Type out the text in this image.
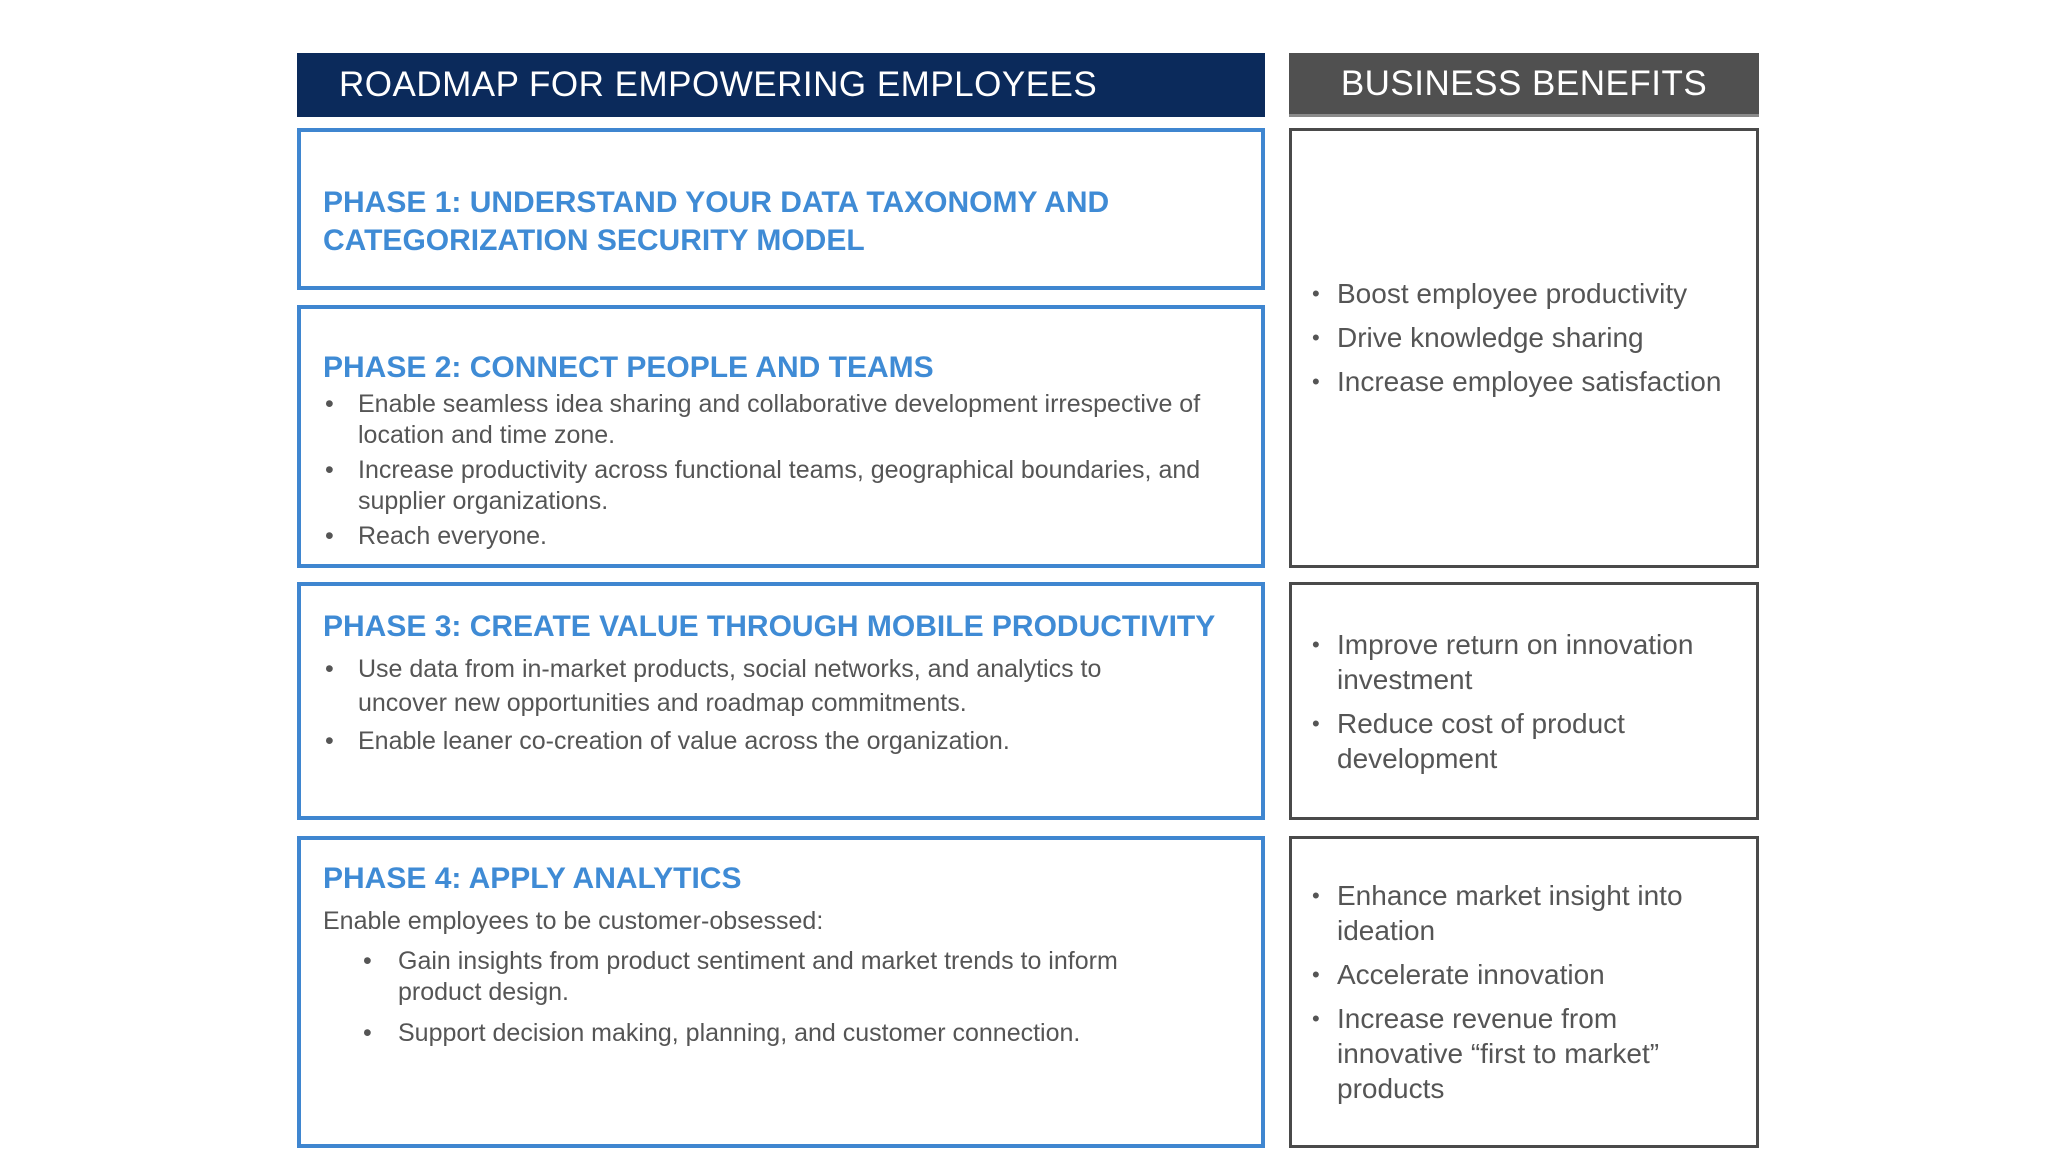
ROADMAP FOR EMPOWERING EMPLOYEES	BUSINESS BENEFITS

PHASE 1: UNDERSTAND YOUR DATA TAXONOMY AND
CATEGORIZATION SECURITY MODEL

PHASE 2: CONNECT PEOPLE AND TEAMS

• Enable seamless idea sharing and collaborative development irrespective of location and time zone.
• Increase productivity across functional teams, geographical boundaries, and supplier organizations.
• Reach everyone.

PHASE 3: CREATE VALUE THROUGH MOBILE PRODUCTIVITY

• Use data from in-market products, social networks, and analytics to uncover new opportunities and roadmap commitments.
• Enable leaner co-creation of value across the organization.

PHASE 4: APPLY ANALYTICS

Enable employees to be customer-obsessed:

• Gain insights from product sentiment and market trends to inform product design.
• Support decision making, planning, and customer connection.
• Boost employee productivity
• Drive knowledge sharing
• Increase employee satisfaction
• Improve return on innovation investment
• Reduce cost of product development
• Enhance market insight into ideation
• Accelerate innovation
• Increase revenue from innovative “first to market” products
